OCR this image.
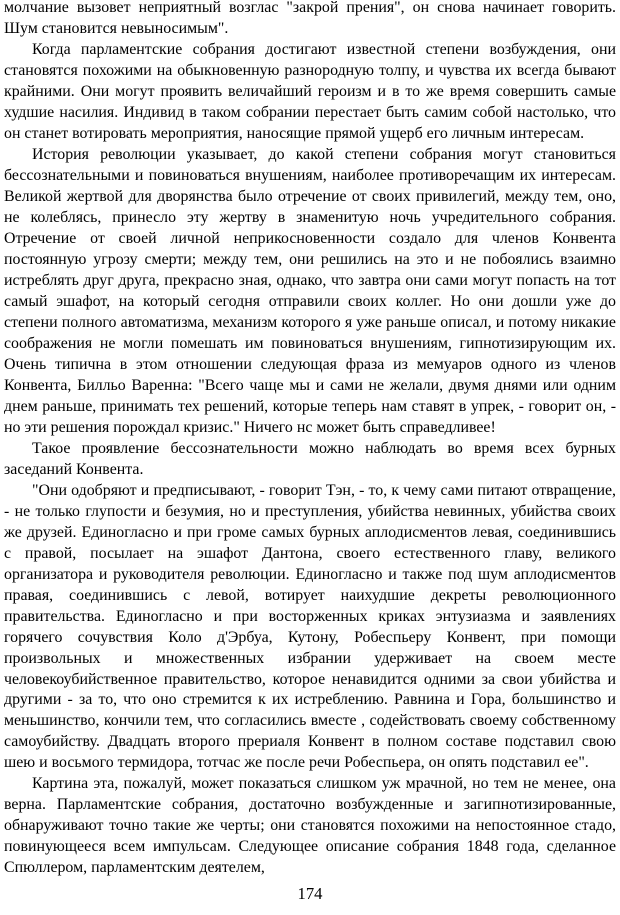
молчание вызовет неприятный возглас "закрой прения", он снова начинает говорить. Шум становится невыносимым".

Когда парламентские собрания достигают известной степени возбуждения, они становятся похожими на обыкновенную разнородную толпу, и чувства их всегда бывают крайними. Они могут проявить величайший героизм и в то же время совершить самые худшие насилия. Индивид в таком собрании перестает быть самим собой настолько, что он станет вотировать мероприятия, наносящие прямой ущерб его личным интересам.

История революции указывает, до какой степени собрания могут становиться бессознательными и повиноваться внушениям, наиболее противоречащим их интересам. Великой жертвой для дворянства было отречение от своих привилегий, между тем, оно, не колеблясь, принесло эту жертву в знаменитую ночь учредительного собрания. Отречение от своей личной неприкосновенности создало для членов Конвента постоянную угрозу смерти; между тем, они решились на это и не побоялись взаимно истреблять друг друга, прекрасно зная, однако, что завтра они сами могут попасть на тот самый эшафот, на который сегодня отправили своих коллег. Но они дошли уже до степени полного автоматизма, механизм которого я уже раньше описал, и потому никакие соображения не могли помешать им повиноваться внушениям, гипнотизирующим их. Очень типична в этом отношении следующая фраза из мемуаров одного из членов Конвента, Билльо Варенна: "Всего чаще мы и сами не желали, двумя днями или одним днем раньше, принимать тех решений, которые теперь нам ставят в упрек, - говорит он, - но эти решения порождал кризис." Ничего нс может быть справедливее!

Такое проявление бессознательности можно наблюдать во время всех бурных заседаний Конвента.

"Они одобряют и предписывают, - говорит Тэн, - то, к чему сами питают отвращение, - не только глупости и безумия, но и преступления, убийства невинных, убийства своих же друзей. Единогласно и при громе самых бурных аплодисментов левая, соединившись с правой, посылает на эшафот Дантона, своего естественного главу, великого организатора и руководителя революции. Единогласно и также под шум аплодисментов правая, соединившись с левой, вотирует наихудшие декреты революционного правительства. Единогласно и при восторженных криках энтузиазма и заявлениях горячего сочувствия Коло д'Эрбуа, Кутону, Робеспьеру Конвент, при помощи произвольных и множественных избрании удерживает на своем месте человекоубийственное правительство, которое ненавидится одними за свои убийства и другими - за то, что оно стремится к их истреблению. Равнина и Гора, большинство и меньшинство, кончили тем, что согласились вместе , содействовать своему собственному самоубийству. Двадцать второго прериаля Конвент в полном составе подставил свою шею и восьмого термидора, тотчас же после речи Робеспьера, он опять подставил ее".

Картина эта, пожалуй, может показаться слишком уж мрачной, но тем не менее, она верна. Парламентские собрания, достаточно возбужденные и загипнотизированные, обнаруживают точно такие же черты; они становятся похожими на непостоянное стадо, повинующееся всем импульсам. Следующее описание собрания 1848 года, сделанное Спюллером, парламентским деятелем,

174
